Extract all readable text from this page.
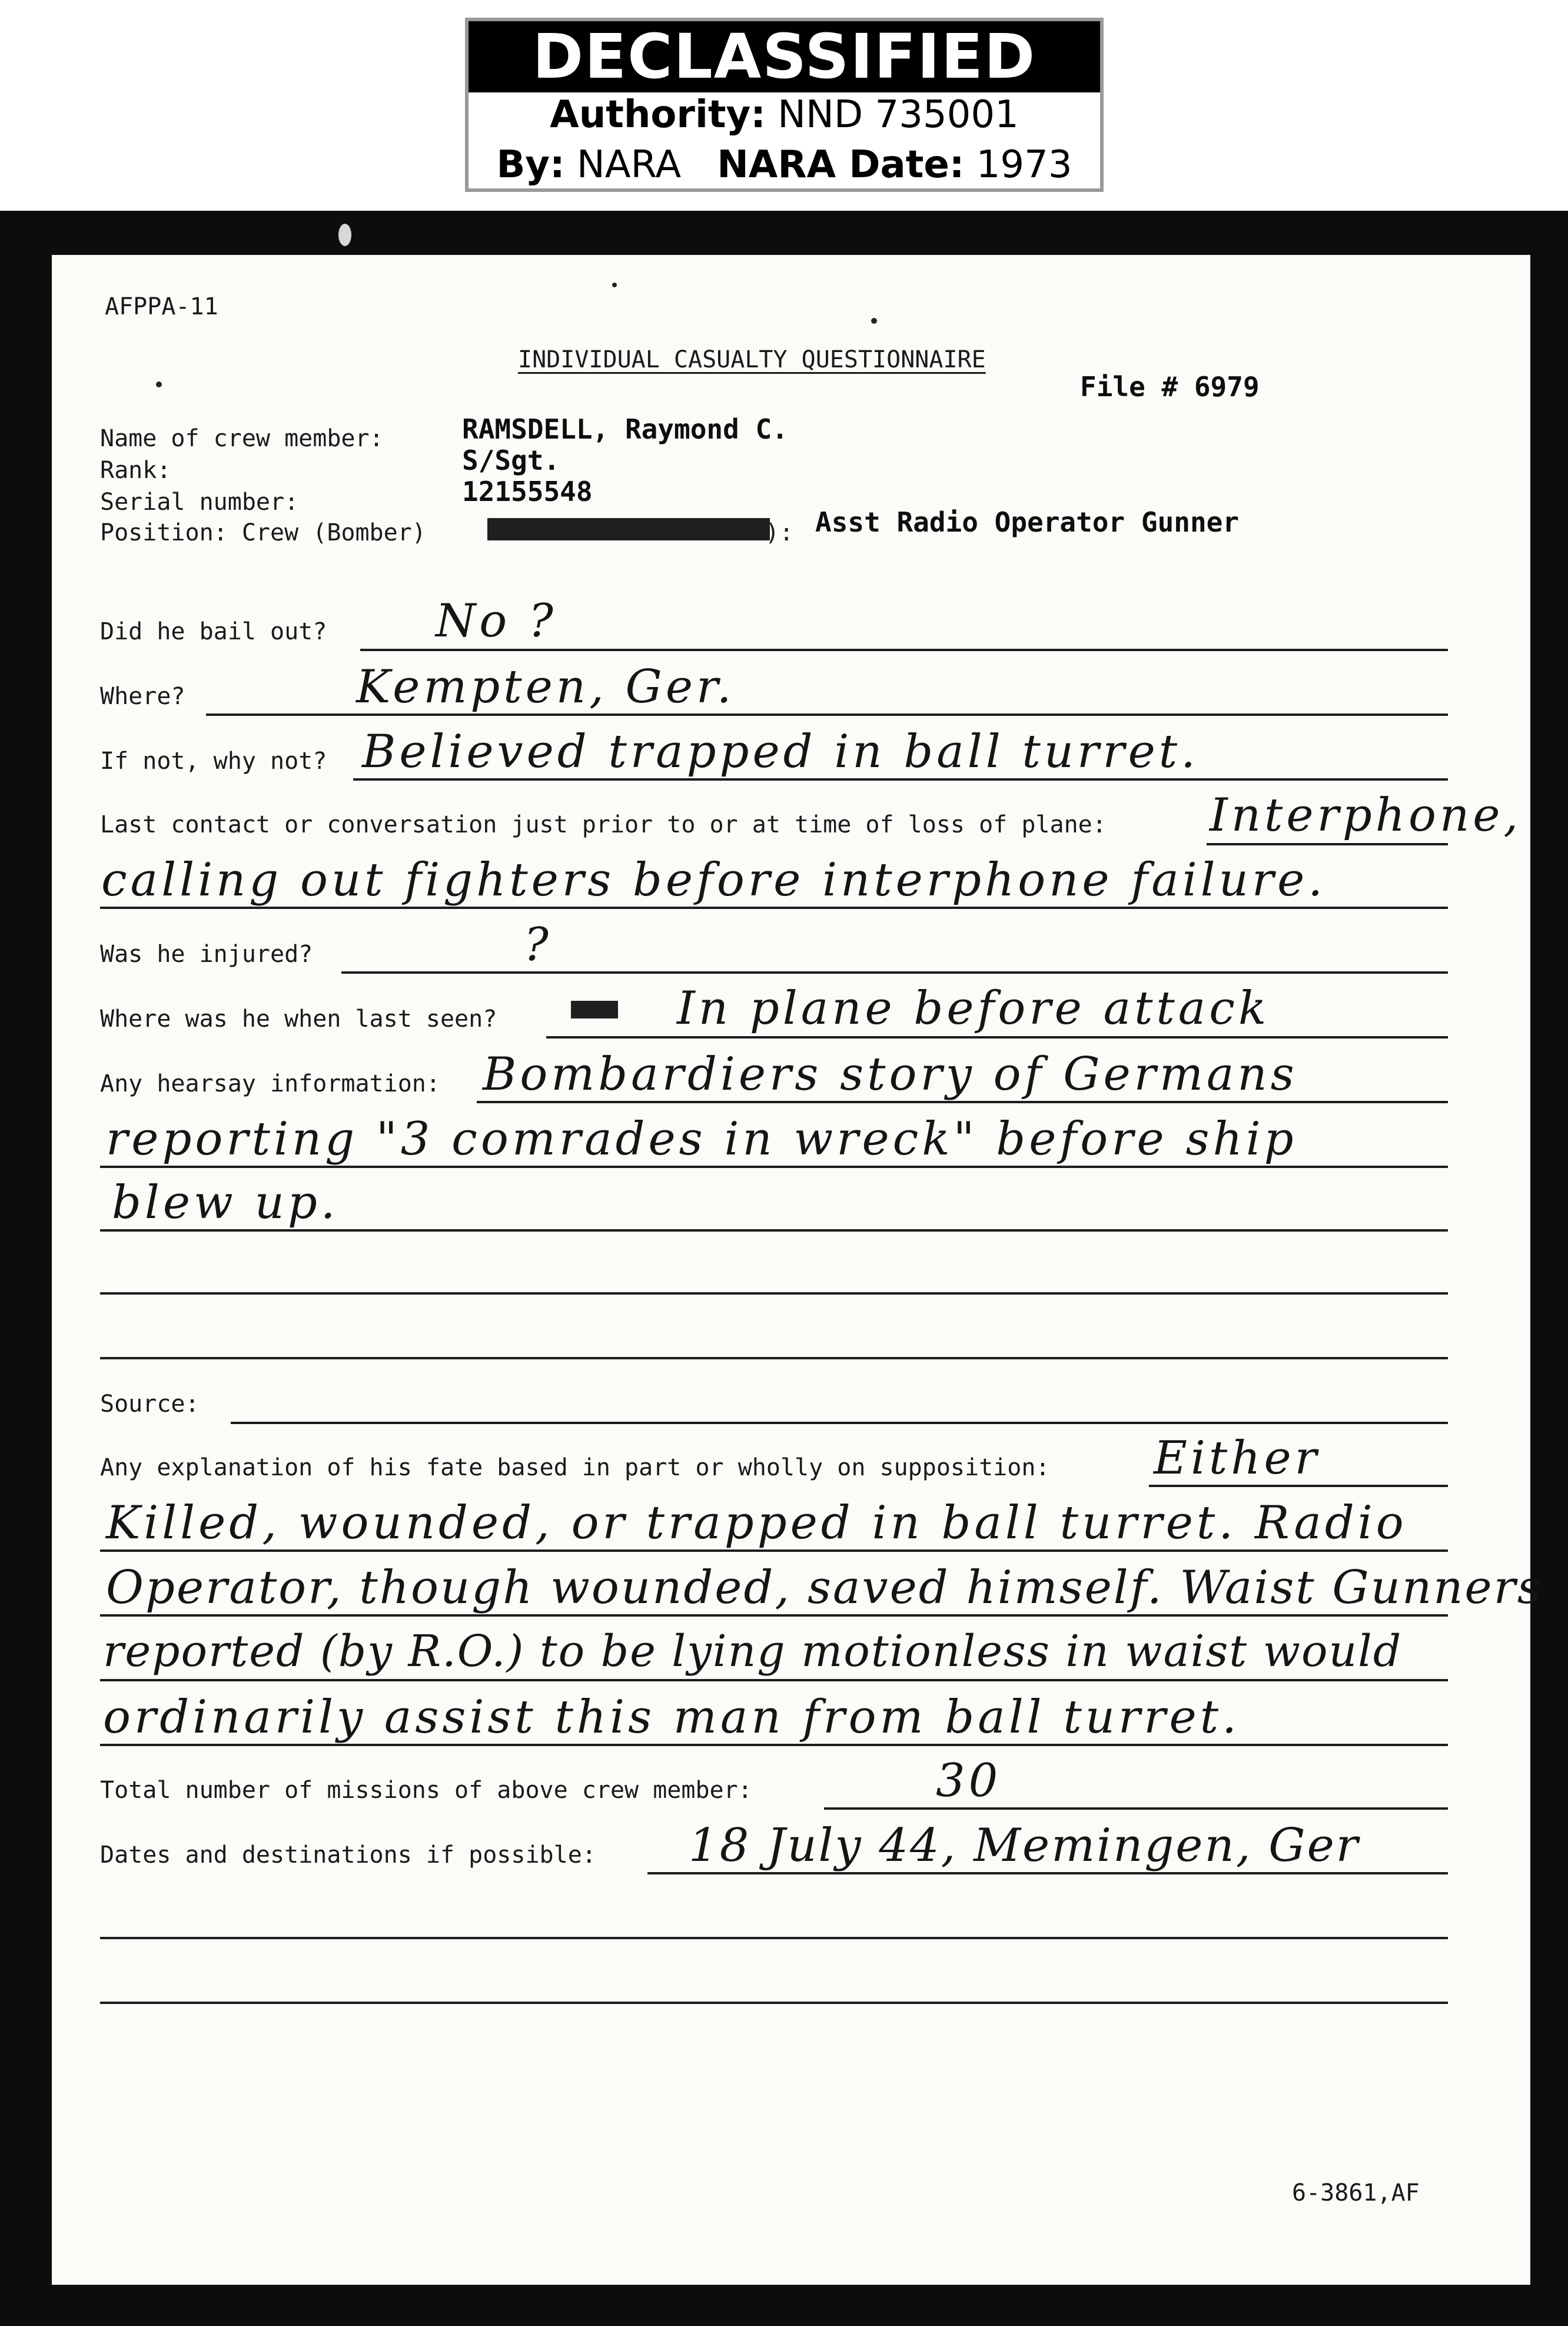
DECLASSIFIED
Authority: NND 735001
By: NARA NARA Date: 1973
AFPPA-11
INDIVIDUAL CASUALTY QUESTIONNAIRE
File # 6979
Name of crew member:	RAMSDELL, Raymond C.
Rank:	S/Sgt.
Serial number:	12155548
Position: Crew (Bomber)	): Asst Radio Operator Gunner
Did he bail out? No ?
Where?	Kempten, Ger.
If not, why not? Believed trapped in ball turret.
Last contact or conversation just prior to or at time of loss of plane: Interphone,
calling out fighters before interphone failure.
Was he injured?	?
Where was he when last seen?	In plane before attack
Any hearsay information: Bombardiers story of Germans
reporting "3 comrades in wreck" before ship
blew up.
Source:
Any explanation of his fate based in part or wholly on supposition: Either
Killed, wounded, or trapped in ball turret. Radio
Operator, though wounded, saved himself. Waist Gunners
reported (by R.O.) to be lying motionless in waist would
ordinarily assist this man from ball turret.
Total number of missions of above crew member:	30
Dates and destinations if possible: 18 July 44, Memingen, Ger
6-3861,AF
